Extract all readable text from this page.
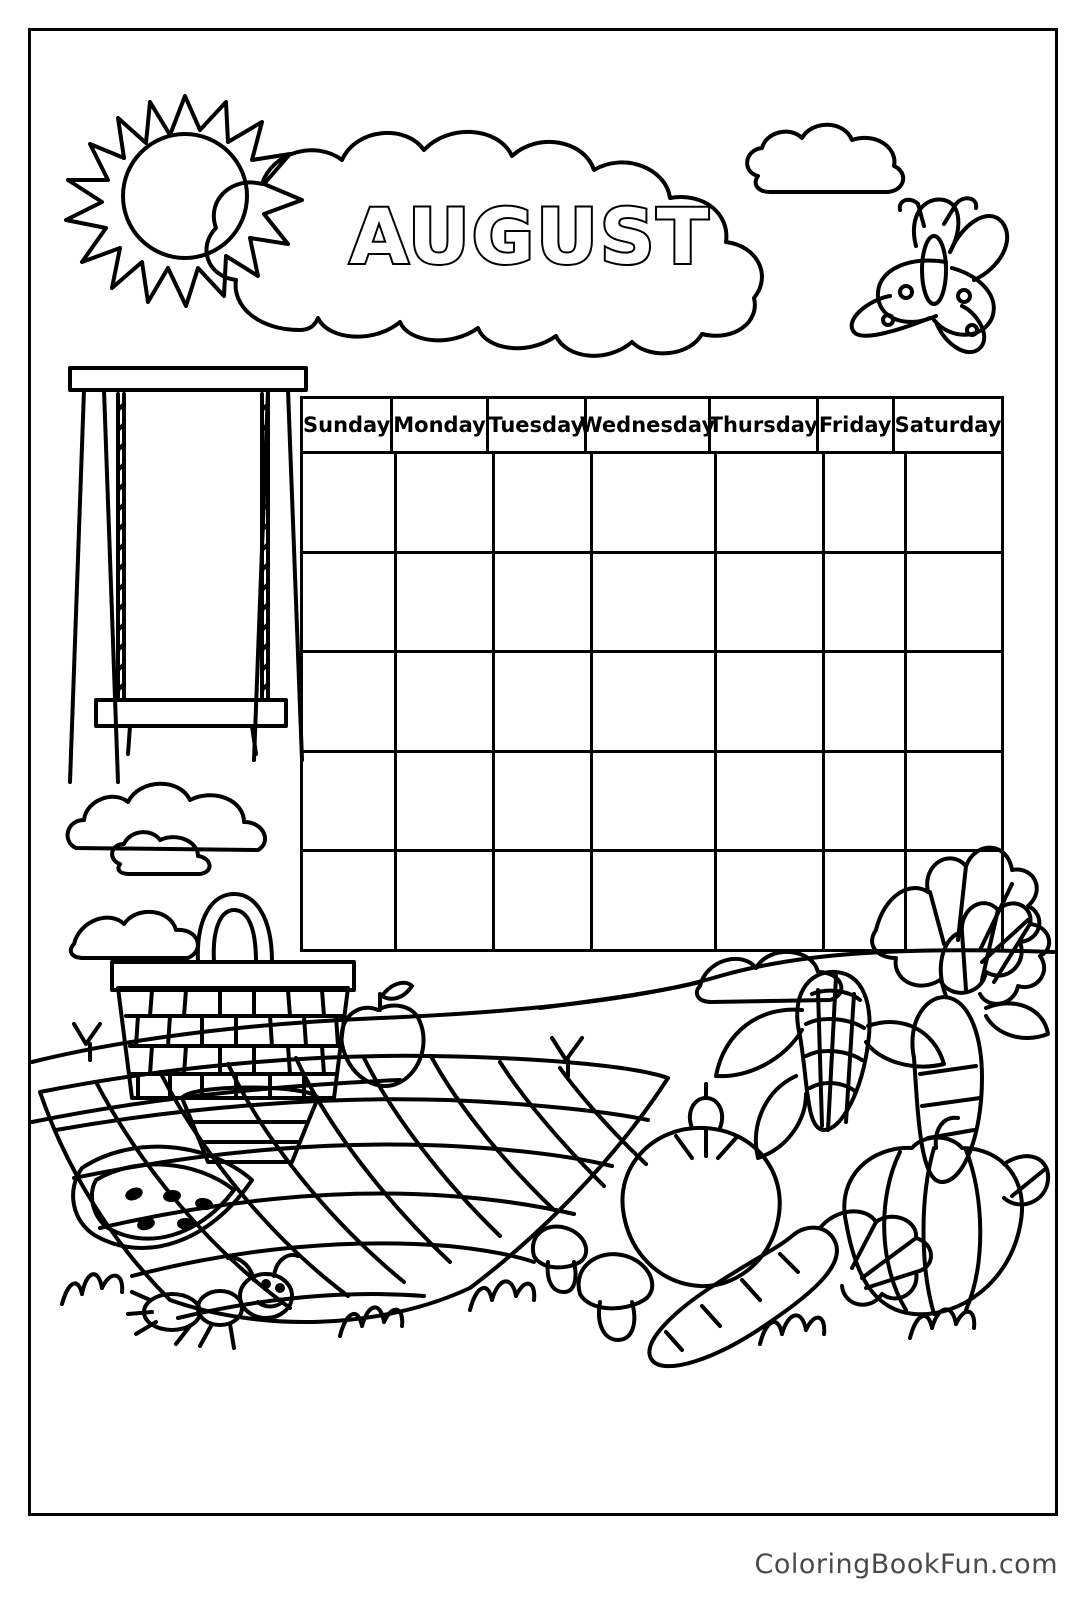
AUGUST
Sunday Monday Tuesday
Wednesday
Thursday Friday Saturday
ColoringBookFun.com
